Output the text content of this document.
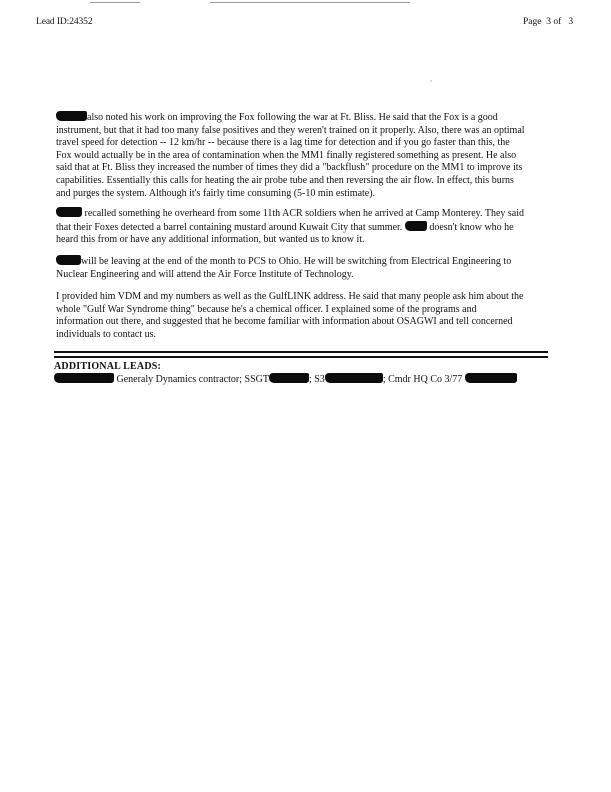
Lead ID:24352	Page 3 of 3
also noted his work on improving the Fox following the war at Ft. Bliss. He said that the Fox is a good instrument, but that it had too many false positives and they weren't trained on it properly. Also, there was an optimal travel speed for detection -- 12 km/hr -- because there is a lag time for detection and if you go faster than this, the Fox would actually be in the area of contamination when the MM1 finally registered something as present. He also said that at Ft. Bliss they increased the number of times they did a "backflush" procedure on the MM1 to improve its capabilities. Essentially this calls for heating the air probe tube and then reversing the air flow. In effect, this burns and purges the system. Although it's fairly time consuming (5-10 min estimate).
recalled something he overheard from some 11th ACR soldiers when he arrived at Camp Monterey. They said that their Foxes detected a barrel containing mustard around Kuwait City that summer.	doesn't know who he heard this from or have any additional information, but wanted us to know it.
will be leaving at the end of the month to PCS to Ohio. He will be switching from Electrical Engineering to Nuclear Engineering and will attend the Air Force Institute of Technology.
I provided him VDM and my numbers as well as the GulfLINK address. He said that many people ask him about the whole "Gulf War Syndrome thing" because he's a chemical officer. I explained some of the programs and information out there, and suggested that he become familiar with information about OSAGWI and tell concerned individuals to contact us.
ADDITIONAL LEADS:
Generaly Dynamics contractor; SSGT	; S3	; Cmdr HQ Co 3/77
